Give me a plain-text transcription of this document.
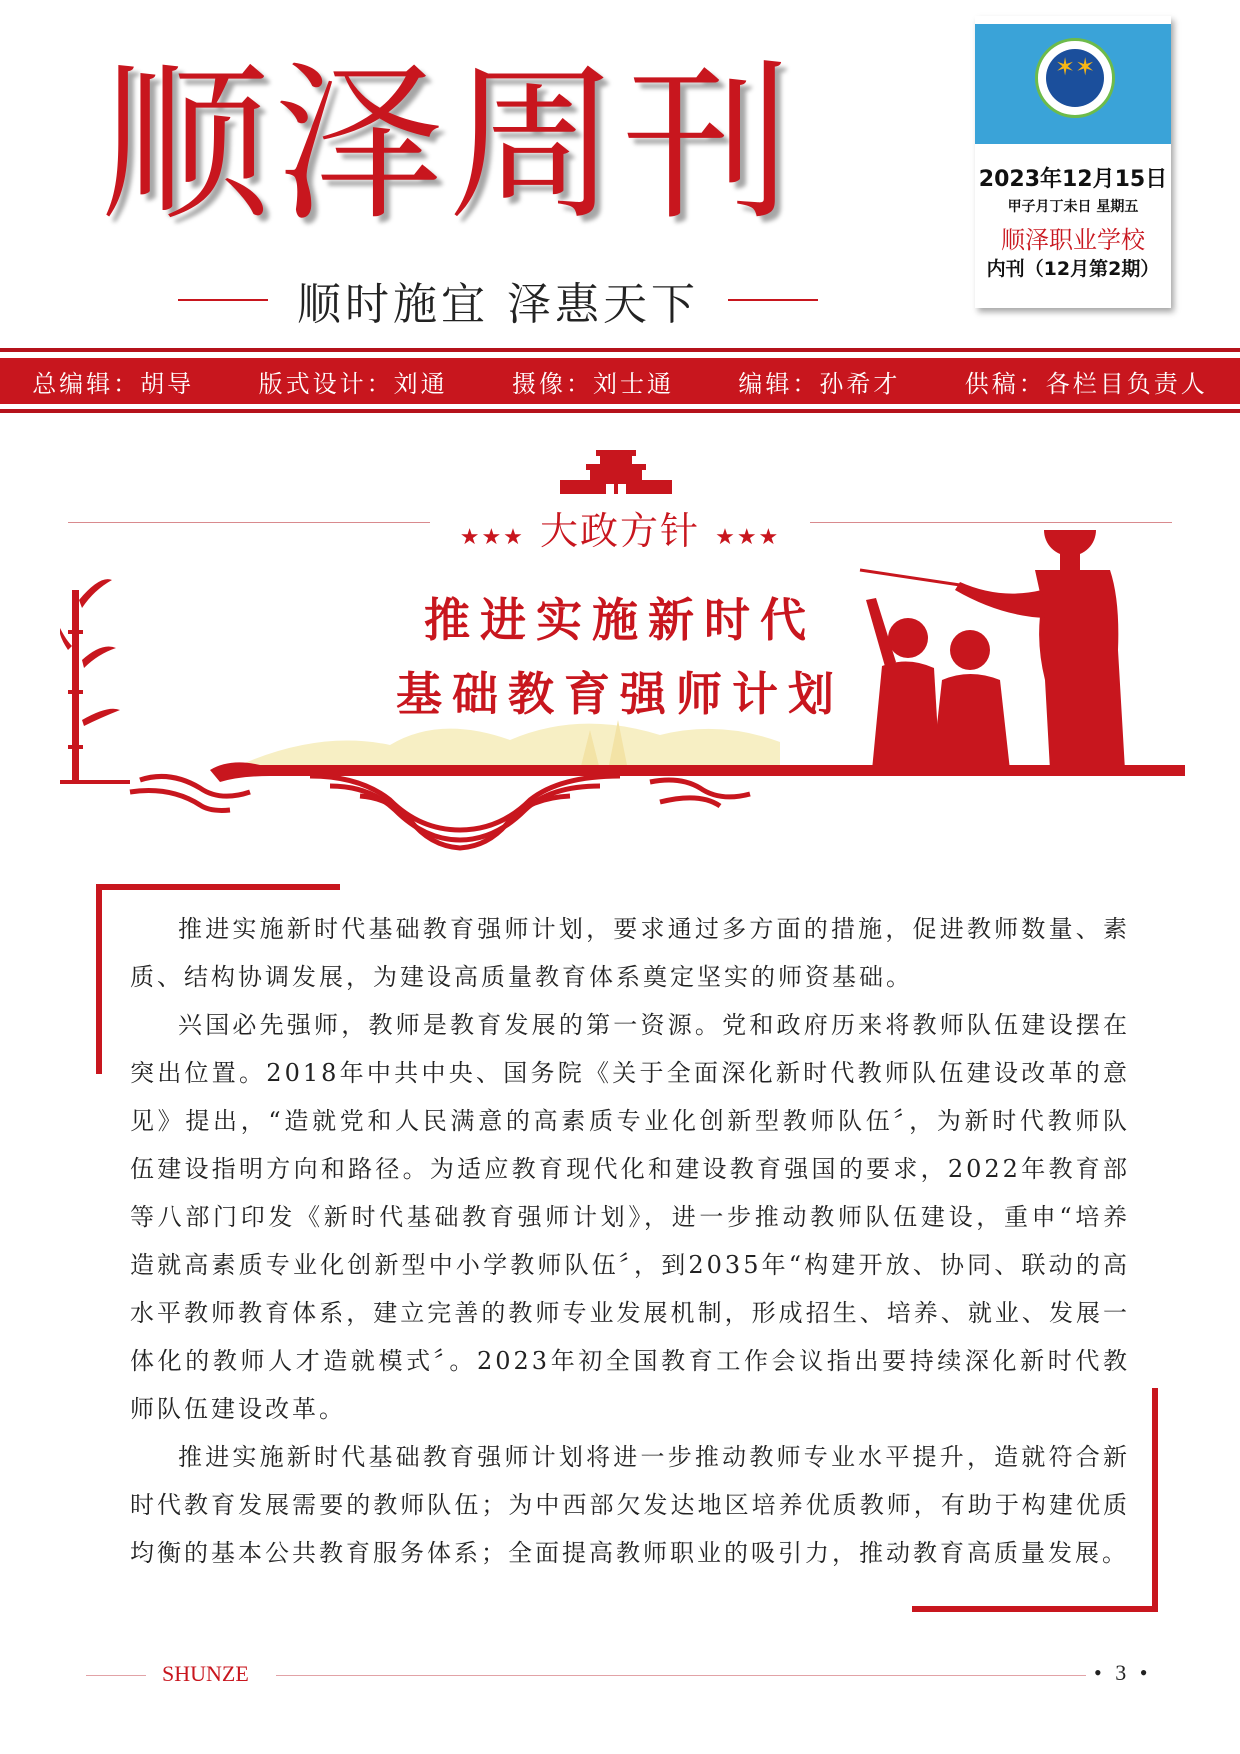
顺泽周刊
顺时施宜 泽惠天下
✶✶
2023年12月15日
甲子月丁未日 星期五
顺泽职业学校
内刊（12月第2期）
总编辑：胡导	版式设计：刘通	摄像：刘士通	编辑：孙希才	供稿：各栏目负责人
★★★ 大政方针 ★★★
推进实施新时代
基础教育强师计划

推进实施新时代基础教育强师计划，要求通过多方面的措施，促进教师数量、素质、结构协调发展，为建设高质量教育体系奠定坚实的师资基础。

兴国必先强师，教师是教育发展的第一资源。党和政府历来将教师队伍建设摆在突出位置。2018年中共中央、国务院《关于全面深化新时代教师队伍建设改革的意见》提出，“造就党和人民满意的高素质专业化创新型教师队伍〞，为新时代教师队伍建设指明方向和路径。为适应教育现代化和建设教育强国的要求，2022年教育部等八部门印发《新时代基础教育强师计划》，进一步推动教师队伍建设，重申“培养造就高素质专业化创新型中小学教师队伍〞，到2035年“构建开放、协同、联动的高水平教师教育体系，建立完善的教师专业发展机制，形成招生、培养、就业、发展一体化的教师人才造就模式〞。2023年初全国教育工作会议指出要持续深化新时代教师队伍建设改革。

推进实施新时代基础教育强师计划将进一步推动教师专业水平提升，造就符合新时代教育发展需要的教师队伍；为中西部欠发达地区培养优质教师，有助于构建优质均衡的基本公共教育服务体系；全面提高教师职业的吸引力，推动教育高质量发展。

SHUNZE	• 3 •
